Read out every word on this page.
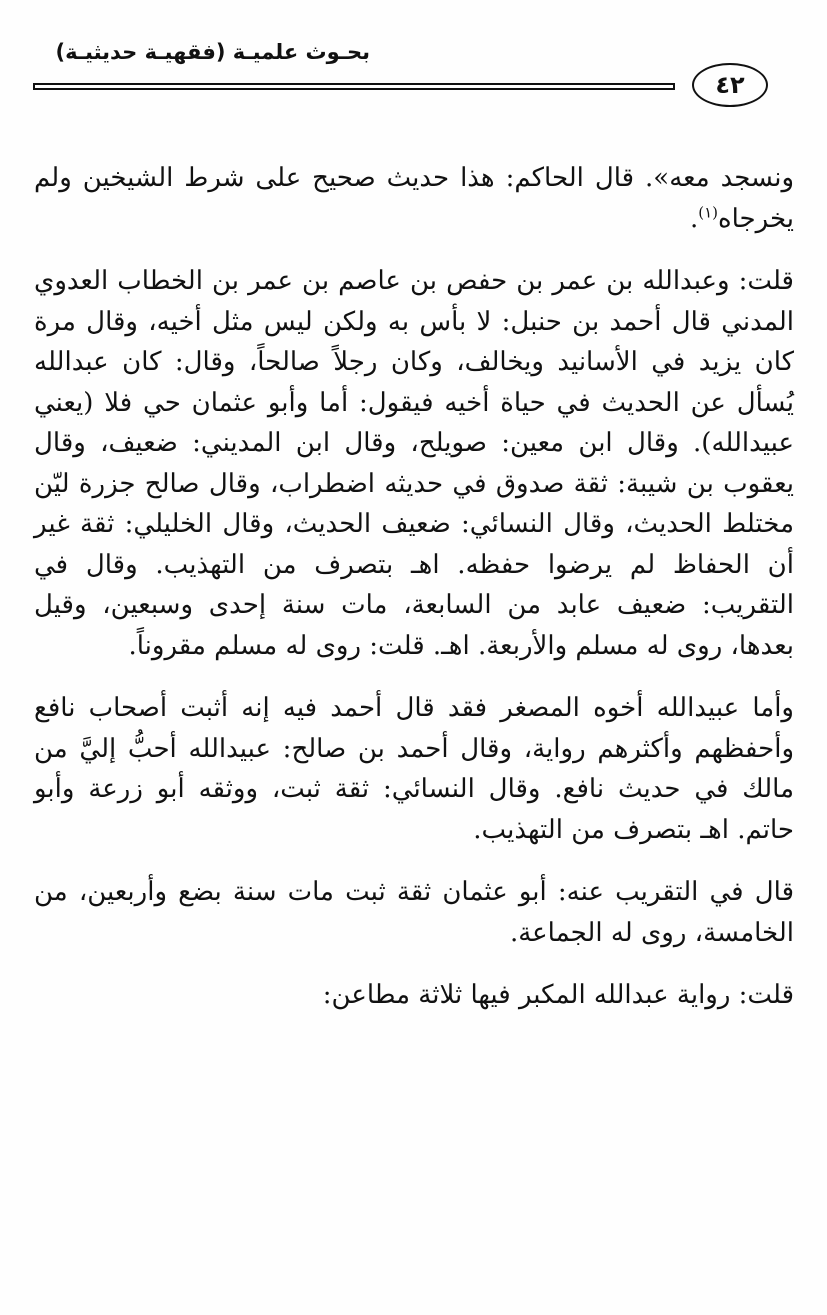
بحـوث علميـة (فقهيـة حديثيـة)
٤٢

ونسجد معه». قال الحاكم: هذا حديث صحيح على شرط الشيخين ولم يخرجاه$^{(١)}$.

قلت: وعبدالله بن عمر بن حفص بن عاصم بن عمر بن الخطاب العدوي المدني قال أحمد بن حنبل: لا بأس به ولكن ليس مثل أخيه، وقال مرة كان يزيد في الأسانيد ويخالف، وكان رجلاً صالحاً، وقال: كان عبدالله يُسأل عن الحديث في حياة أخيه فيقول: أما وأبو عثمان حي فلا (يعني عبيدالله). وقال ابن معين: صويلح، وقال ابن المديني: ضعيف، وقال يعقوب بن شيبة: ثقة صدوق في حديثه اضطراب، وقال صالح جزرة ليّن مختلط الحديث، وقال النسائي: ضعيف الحديث، وقال الخليلي: ثقة غير أن الحفاظ لم يرضوا حفظه. اهـ بتصرف من التهذيب. وقال في التقريب: ضعيف عابد من السابعة، مات سنة إحدى وسبعين، وقيل بعدها، روى له مسلم والأربعة. اهـ. قلت: روى له مسلم مقروناً.

وأما عبيدالله أخوه المصغر فقد قال أحمد فيه إنه أثبت أصحاب نافع وأحفظهم وأكثرهم رواية، وقال أحمد بن صالح: عبيدالله أحبُّ إليَّ من مالك في حديث نافع. وقال النسائي: ثقة ثبت، ووثقه أبو زرعة وأبو حاتم. اهـ بتصرف من التهذيب.

قال في التقريب عنه: أبو عثمان ثقة ثبت مات سنة بضع وأربعين، من الخامسة، روى له الجماعة.

قلت: رواية عبدالله المكبر فيها ثلاثة مطاعن:
